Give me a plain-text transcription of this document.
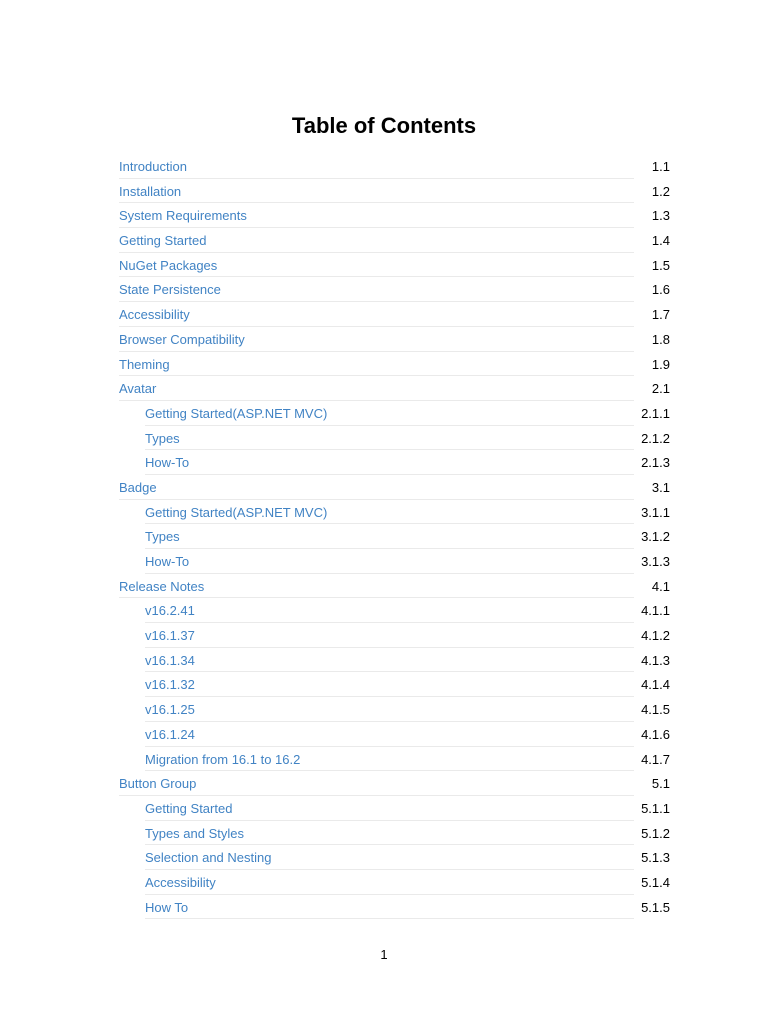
Table of Contents
Introduction	1.1
Installation	1.2
System Requirements	1.3
Getting Started	1.4
NuGet Packages	1.5
State Persistence	1.6
Accessibility	1.7
Browser Compatibility	1.8
Theming	1.9
Avatar	2.1
Getting Started(ASP.NET MVC)	2.1.1
Types	2.1.2
How-To	2.1.3
Badge	3.1
Getting Started(ASP.NET MVC)	3.1.1
Types	3.1.2
How-To	3.1.3
Release Notes	4.1
v16.2.41	4.1.1
v16.1.37	4.1.2
v16.1.34	4.1.3
v16.1.32	4.1.4
v16.1.25	4.1.5
v16.1.24	4.1.6
Migration from 16.1 to 16.2	4.1.7
Button Group	5.1
Getting Started	5.1.1
Types and Styles	5.1.2
Selection and Nesting	5.1.3
Accessibility	5.1.4
How To	5.1.5
1
